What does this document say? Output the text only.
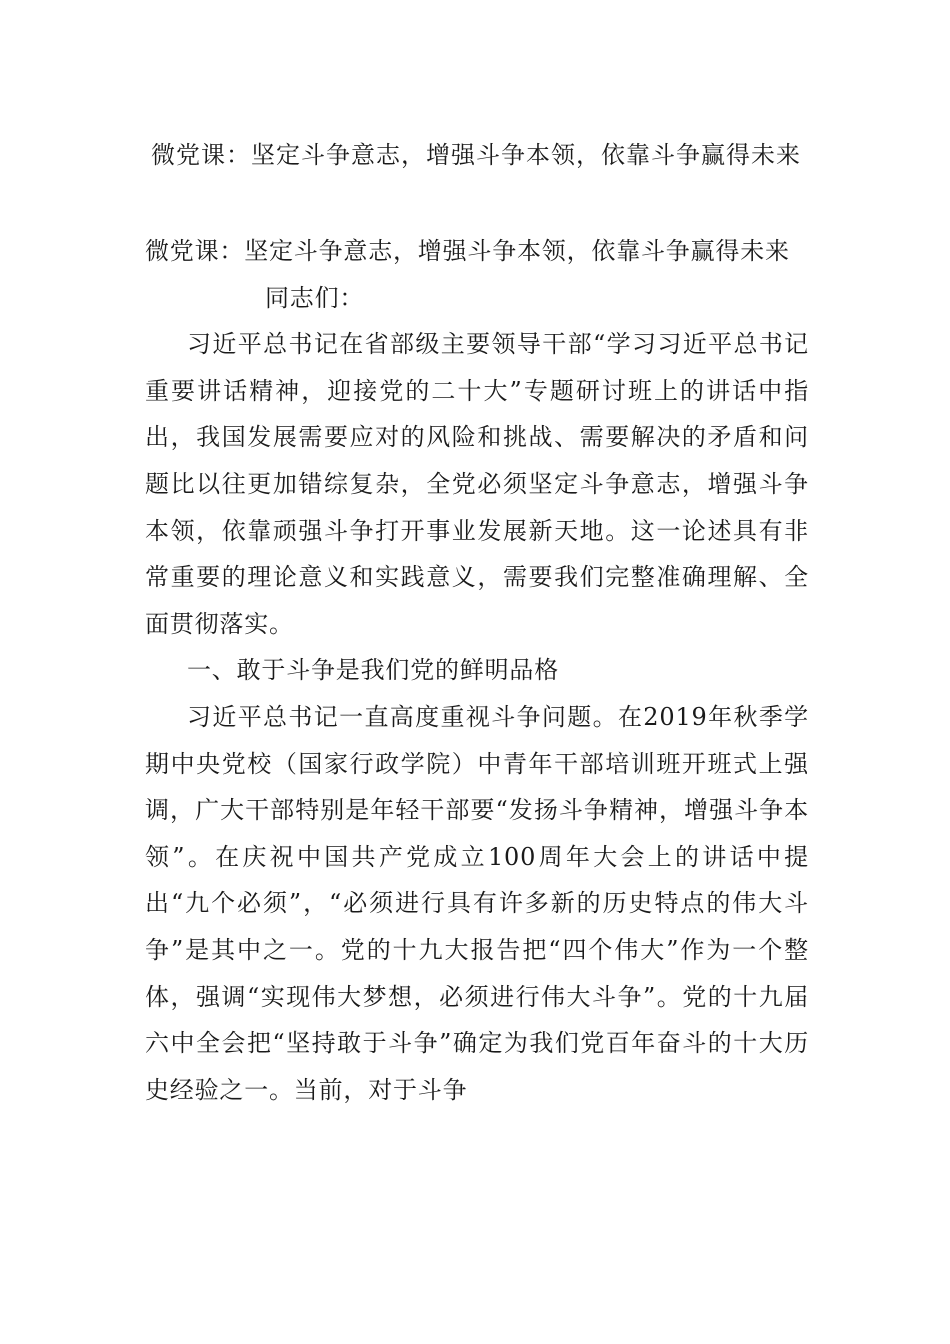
微党课：坚定斗争意志，增强斗争本领，依靠斗争赢得未来

微党课：坚定斗争意志，增强斗争本领，依靠斗争赢得未来

同志们：

习近平总书记在省部级主要领导干部“学习习近平总书记重要讲话精神，迎接党的二十大”专题研讨班上的讲话中指出，我国发展需要应对的风险和挑战、需要解决的矛盾和问题比以往更加错综复杂，全党必须坚定斗争意志，增强斗争本领，依靠顽强斗争打开事业发展新天地。这一论述具有非常重要的理论意义和实践意义，需要我们完整准确理解、全面贯彻落实。

一、敢于斗争是我们党的鲜明品格

习近平总书记一直高度重视斗争问题。在2019年秋季学期中央党校（国家行政学院）中青年干部培训班开班式上强调，广大干部特别是年轻干部要“发扬斗争精神，增强斗争本领”。在庆祝中国共产党成立100周年大会上的讲话中提出“九个必须”，“必须进行具有许多新的历史特点的伟大斗争”是其中之一。党的十九大报告把“四个伟大”作为一个整体，强调“实现伟大梦想，必须进行伟大斗争”。党的十九届六中全会把“坚持敢于斗争”确定为我们党百年奋斗的十大历史经验之一。当前，对于斗争
